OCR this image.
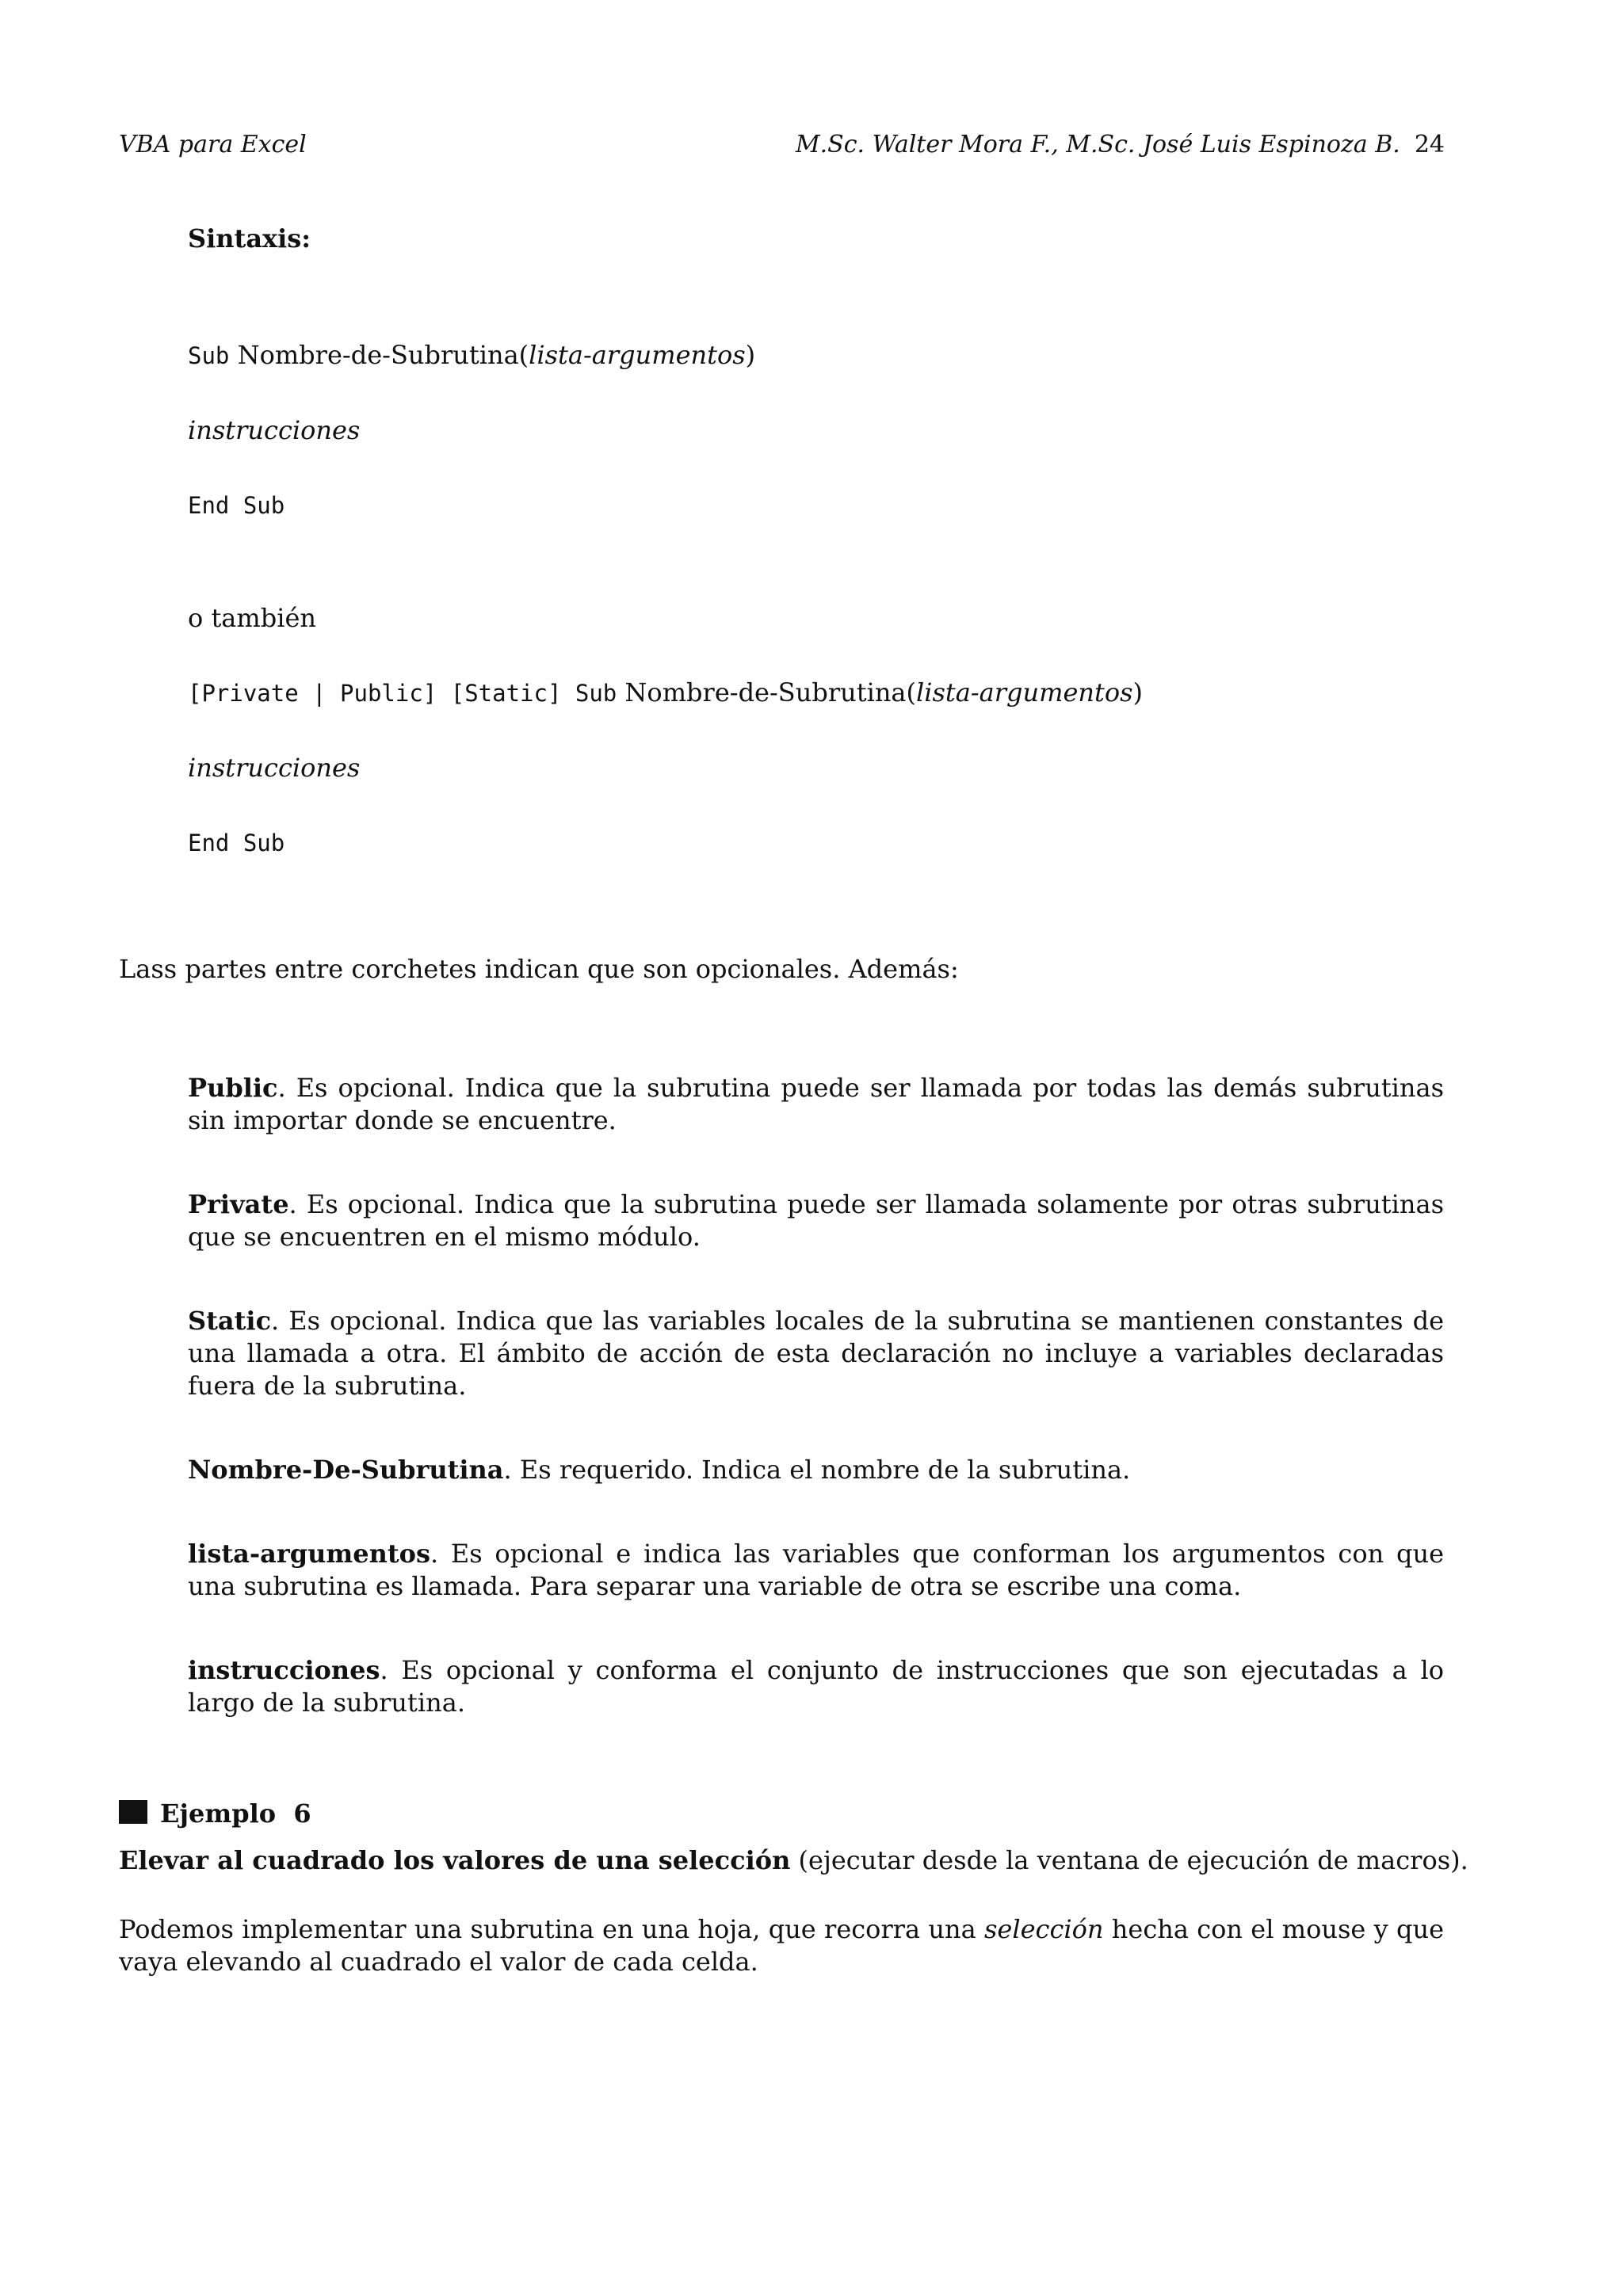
VBA para Excel	M.Sc. Walter Mora F., M.Sc. José Luis Espinoza B. 24
Sintaxis:
Sub Nombre-de-Subrutina(lista-argumentos)
instrucciones
End Sub
o también
[Private | Public] [Static] Sub Nombre-de-Subrutina(lista-argumentos)
instrucciones
End Sub
Lass partes entre corchetes indican que son opcionales. Además:

Public. Es opcional. Indica que la subrutina puede ser llamada por todas las demás subrutinas sin importar donde se encuentre.

Private. Es opcional. Indica que la subrutina puede ser llamada solamente por otras subrutinas que se encuentren en el mismo módulo.

Static. Es opcional. Indica que las variables locales de la subrutina se mantienen constantes de una llamada a otra. El ámbito de acción de esta declaración no incluye a variables declaradas fuera de la subrutina.

Nombre-De-Subrutina. Es requerido. Indica el nombre de la subrutina.

lista-argumentos. Es opcional e indica las variables que conforman los argumentos con que una subrutina es llamada. Para separar una variable de otra se escribe una coma.

instrucciones. Es opcional y conforma el conjunto de instrucciones que son ejecutadas a lo largo de la subrutina.

Ejemplo 6
Elevar al cuadrado los valores de una selección (ejecutar desde la ventana de ejecución de macros).

Podemos implementar una subrutina en una hoja, que recorra una selección hecha con el mouse y que vaya elevando al cuadrado el valor de cada celda.
